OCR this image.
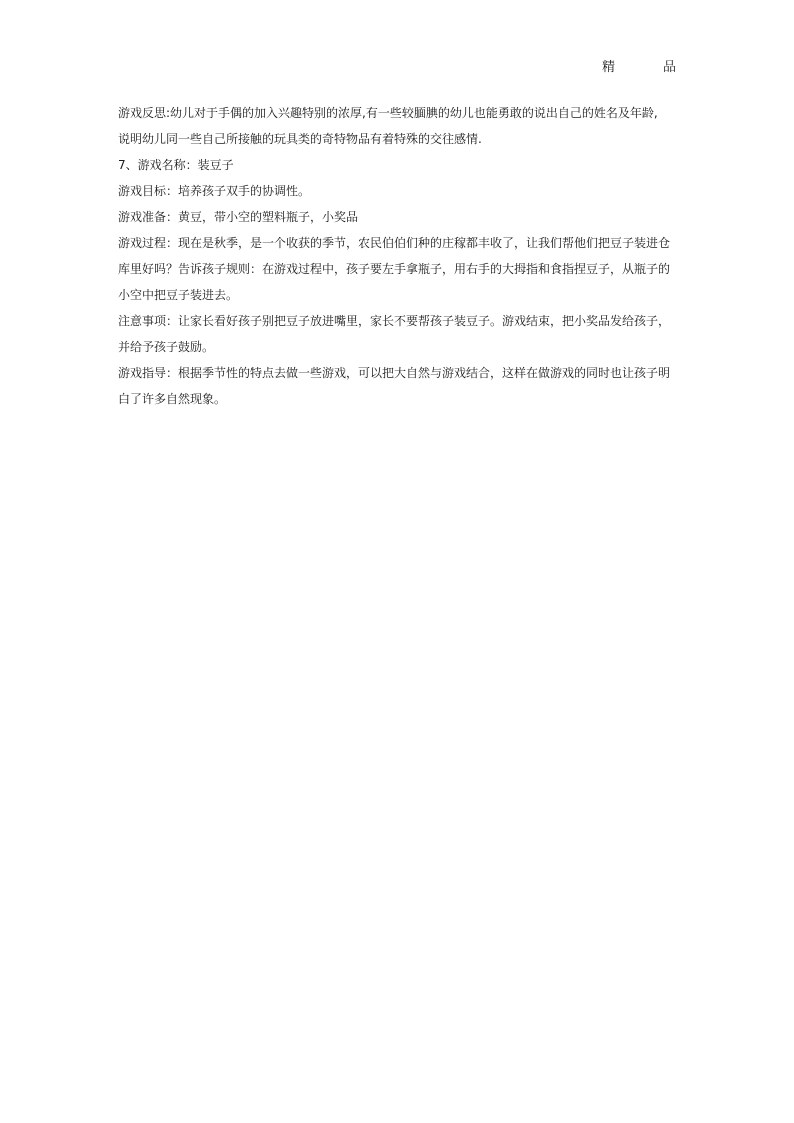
精	品

游戏反思:幼儿对于手偶的加入兴趣特别的浓厚,有一些较腼腆的幼儿也能勇敢的说出自己的姓名及年龄,
说明幼儿同一些自己所接触的玩具类的奇特物品有着特殊的交往感情.

7、游戏名称：装豆子

游戏目标：培养孩子双手的协调性。

游戏准备：黄豆，带小空的塑料瓶子，小奖品

游戏过程：现在是秋季，是一个收获的季节，农民伯伯们种的庄稼都丰收了，让我们帮他们把豆子装进仓
库里好吗？告诉孩子规则：在游戏过程中，孩子要左手拿瓶子，用右手的大拇指和食指捏豆子，从瓶子的
小空中把豆子装进去。

注意事项：让家长看好孩子别把豆子放进嘴里，家长不要帮孩子装豆子。游戏结束，把小奖品发给孩子，
并给予孩子鼓励。

游戏指导：根据季节性的特点去做一些游戏，可以把大自然与游戏结合，这样在做游戏的同时也让孩子明
白了许多自然现象。
